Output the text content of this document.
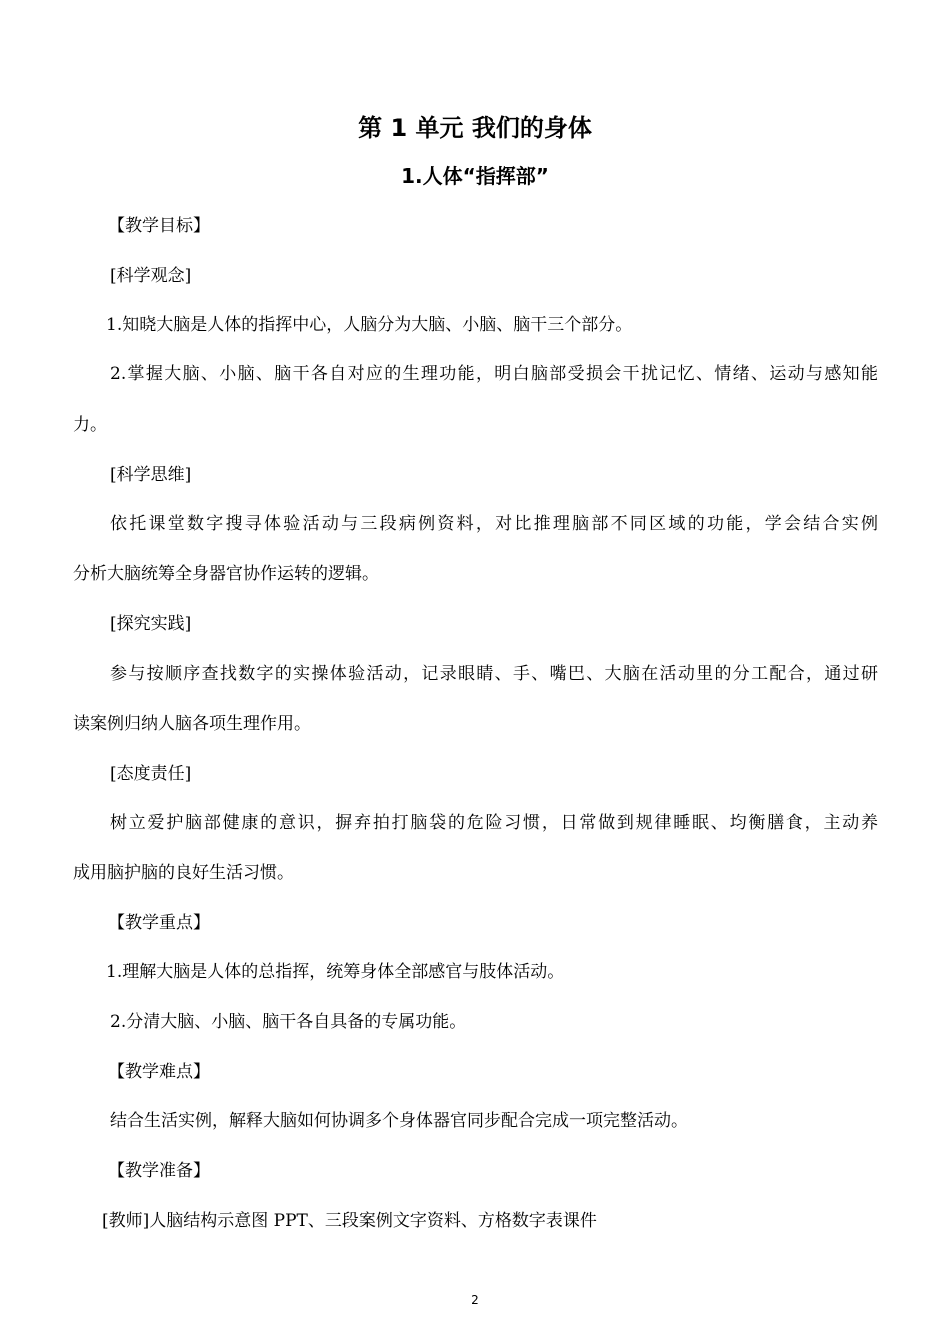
第 1 单元 我们的身体
1.人体“指挥部”
【教学目标】
[科学观念]
1.知晓大脑是人体的指挥中心，人脑分为大脑、小脑、脑干三个部分。
2.掌握大脑、小脑、脑干各自对应的生理功能，明白脑部受损会干扰记忆、情绪、运动与感知能
力。
[科学思维]
依托课堂数字搜寻体验活动与三段病例资料，对比推理脑部不同区域的功能，学会结合实例
分析大脑统筹全身器官协作运转的逻辑。
[探究实践]
参与按顺序查找数字的实操体验活动，记录眼睛、手、嘴巴、大脑在活动里的分工配合，通过研
读案例归纳人脑各项生理作用。
[态度责任]
树立爱护脑部健康的意识，摒弃拍打脑袋的危险习惯，日常做到规律睡眠、均衡膳食，主动养
成用脑护脑的良好生活习惯。
【教学重点】
1.理解大脑是人体的总指挥，统筹身体全部感官与肢体活动。
2.分清大脑、小脑、脑干各自具备的专属功能。
【教学难点】
结合生活实例，解释大脑如何协调多个身体器官同步配合完成一项完整活动。
【教学准备】
[教师]人脑结构示意图 PPT、三段案例文字资料、方格数字表课件
2
